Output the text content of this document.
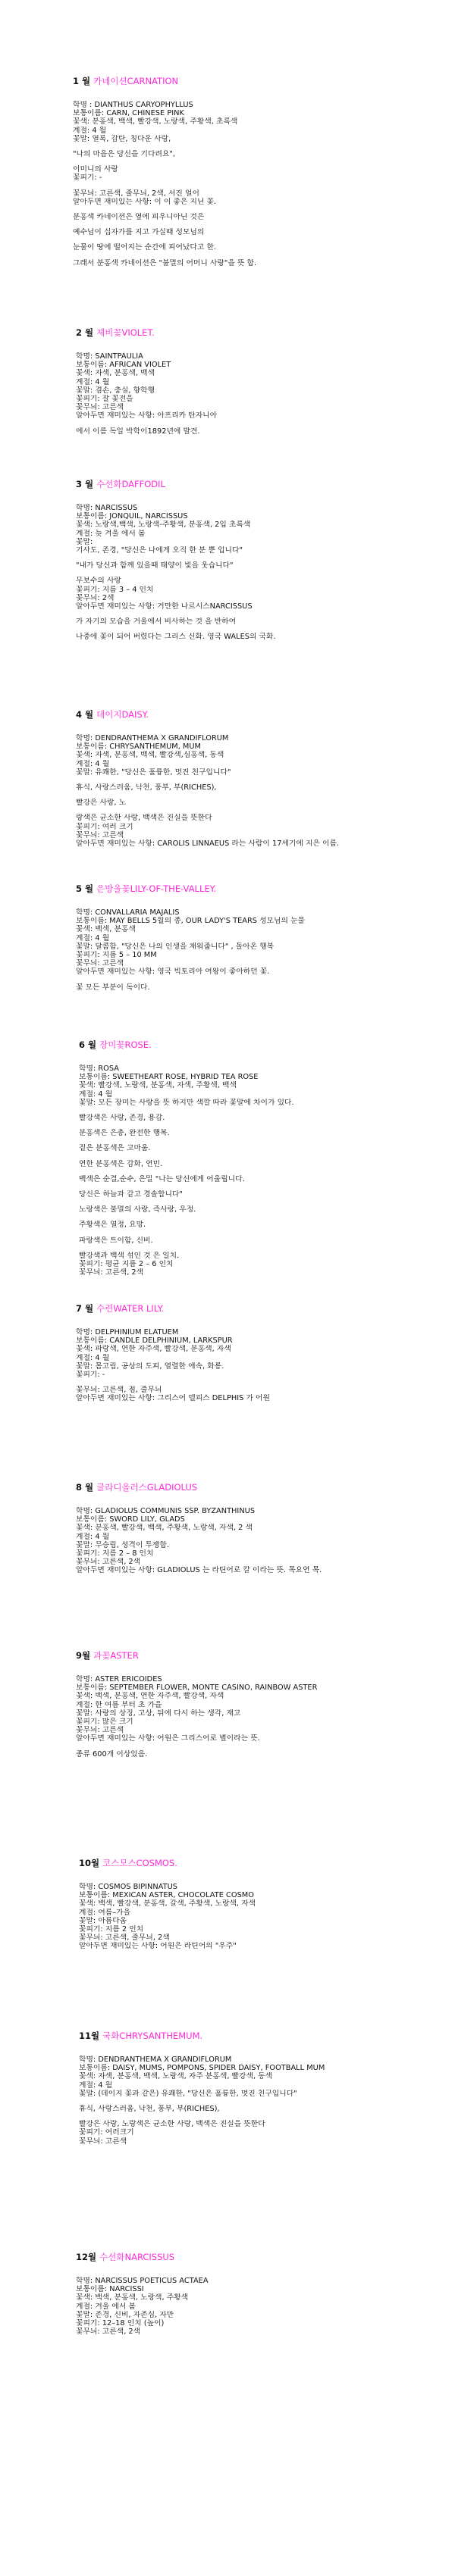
1 월 카네이션CARNATION
학명 : DIANTHUS CARYOPHYLLUS
보통이름: CARN, CHINESE PINK
꽃색: 분홍색, 백색, 빨강색, 노랑색, 주황색, 초록색
계절: 4 월
꽃말: 열록, 감탄, 칭다운 사랑,
"나의 마음은 당신을 기다려요",
이미니의 사랑
꽃피기: -
꽃무늬: 고른색, 줄무늬, 2색, 서진 얼이
알아두면 재미있는 사항: 이 이 좋은 지닌 꽃.
분홍색 카네이션은 옆에 피우니아닌 것은
예수님이 십자가를 지고 가실때 성모님의
눈물이 땅에 떨어지는 순간에 피어났다고 한.
그래서 분홍색 카네이션은 "불멸의 어머니 사랑"을 뜻 함.
2 월 제비꽃VIOLET.
학명: SAINTPAULIA
보통이름: AFRICAN VIOLET
꽃색: 자색, 분홍색, 백색
계절: 4 월
꽃말: 겸손, 충실, 향학행
꽃피기: 잘 꽃전을
꽃무늬: 고른색
알아두면 재미있는 사항: 아프리카 탄자니아
에서 이름 독일 박학이1892년에 발견.
3 월 수선화DAFFODIL
학명: NARCISSUS
보통이름: JONQUIL, NARCISSUS
꽃색: 노랑색,백색, 노랑색-주황색, 분홍색, 2입 초록색
계절: 늦 겨울 에서 봄
꽃말:
기사도, 존경, "당신은 나에게 오직 한 분 뿐 입니다"
"내가 당신과 함께 있을때 태양이 빛을 웃습니다"
무보수의 사랑
꽃피기: 지름 3 – 4 인치
꽃무늬: 2색
알아두면 재미있는 사항: 거만한 나르시스NARCISSUS
가 자기의 모습을 거울에서 비사하는 것 을 반하여
나중에 꽃이 되어 버렸다는 그리스 신화. 영국 WALES의 국화.
4 월 데이지DAISY.
학명: DENDRANTHEMA X GRANDIFLORUM
보통이름: CHRYSANTHEMUM, MUM
꽃색: 자색, 분홍색, 백색, 빨강색,심홍색, 동색
계절: 4 월
꽃말: 유쾌한, "당신은 훌륭한, 멋진 친구입니다"
휴식, 사랑스러움, 낙천, 풍부, 부(RICHES),
빨강은 사랑, 노
랑색은 균소한 사랑, 백색은 진실을 뜻한다
꽃피기: 여러 크기
꽃무늬: 고른색
알아두면 재미있는 사항: CAROLIS LINNAEUS 라는 사람이 17세기에 지은 이름.
5 월 은방울꽃LILY-OF-THE-VALLEY.
학명: CONVALLARIA MAJALIS
보통이름: MAY BELLS 5월의 종, OUR LADY'S TEARS 성모님의 눈물
꽃색: 백색, 분홍색
계절: 4 월
꽃말: 달콤함, "당신은 나의 인생을 채워줍니다" , 돌아온 행복
꽃피기: 지름 5 – 10 MM
꽃무늬: 고른색
알아두면 재미있는 사항: 영국 빅토리아 여왕이 좋아하던 꽃.
꽃 모든 부분이 독이다.
6 월 장미꽃ROSE.
학명: ROSA
보통이름: SWEETHEART ROSE, HYBRID TEA ROSE
꽃색: 빨강색, 노랑색, 분홍색, 자색, 주황색, 백색
계절: 4 월
꽃말: 모든 장미는 사랑을 뜻 하지만 색깔 따라 꽃말에 차이가 있다.
빨강색은 사랑, 존경, 용감.
분홍색은 은총, 완전한 행복.
짙은 분홍색은 고마움.
연한 분홍색은 감화, 연민.
백색은 순결,순수, 은밀 "나는 당신에게 어울립니다.
당신은 하늘과 같고 경솔합니다"
노랑색은 불멸의 사랑, 즉사랑, 우정.
주황색은 열정, 요망.
파랑색은 트이함, 신비.
빨강색과 백색 섞인 것 은 일치.
꽃피기: 평균 지름 2 – 6 인치
꽃무늬: 고른색, 2색
7 월 수련WATER LILY.
학명: DELPHINIUM ELATUEM
보통이름: CANDLE DELPHINIUM, LARKSPUR
꽃색: 파랑색, 연한 자주색, 빨강색, 분홍색, 자색
계절: 4 월
꽃말: 몸고림, 공상의 도피, 열렬한 애속, 화롱.
꽃피기: -
꽃무늬: 고른색, 점, 줄무늬
알아두면 재미있는 사항: 그리스어 델피스 DELPHIS 가 어원
8 월 글라디올러스GLADIOLUS
학명: GLADIOLUS COMMUNIS SSP. BYZANTHINUS
보통이름: SWORD LILY, GLADS
꽃색: 분홍색, 빨강색, 백색, 주황색, 노랑색, 자색, 2 색
계절: 4 월
꽃말: 무승림, 성격이 투쟁함.
꽃피기: 지름 2 – 8 인치
꽃무늬: 고른색, 2색
알아두면 재미있는 사항: GLADIOLUS 는 라틴어로 칼 이라는 뜻. 목요연 목.
9월 과꽃ASTER
학명: ASTER ERICOIDES
보통이름: SEPTEMBER FLOWER, MONTE CASINO, RAINBOW ASTER
꽃색: 백색, 분홍색, 연한 자주색, 빨강색, 자색
계절: 한 여름 부터 초 가을
꽃말: 사랑의 상징, 고상, 뒤에 다시 하는 생각, 재고
꽃피기: 많은 크기
꽃무늬: 고른색
알아두면 재미있는 사항: 어원은 그리스어로 별이라는 뜻.
종류 600개 이상있음.
10월 코스모스COSMOS.
학명: COSMOS BIPINNATUS
보통이름: MEXICAN ASTER, CHOCOLATE COSMO
꽃색: 백색, 빨강색, 분홍색, 갈색, 주황색, 노랑색, 자색
계절: 여름–가을
꽃말: 아름다움
꽃피기: 지름 2 인치
꽃무늬: 고른색, 줄무늬, 2색
알아두면 재미있는 사항: 어원은 라틴어의 "우주"
11월 국화CHRYSANTHEMUM.
학명: DENDRANTHEMA X GRANDIFLORUM
보통이름: DAISY, MUMS, POMPONS, SPIDER DAISY, FOOTBALL MUM
꽃색: 자색, 분홍색, 백색, 노랑색, 자주 분홍색, 빨강색, 동색
계절: 4 월
꽃말: (데이지 꽃과 같은) 유쾌한, "당신은 훌륭한, 멋진 친구입니다"
휴식, 사랑스러움, 낙천, 풍부, 부(RICHES),
빨강은 사랑, 노랑색은 균소한 사랑, 백색은 진실을 뜻한다
꽃피기: 여러크기
꽃무늬: 고른색
12월 수선화NARCISSUS
학명: NARCISSUS POETICUS ACTAEA
보통이름: NARCISSI
꽃색: 백색, 분홍색, 노랑색, 주황색
계절: 겨울 에서 봄
꽃말: 존경, 신비, 자존심, 자만
꽃피기: 12–18 인치 (높이)
꽃무늬: 고른색, 2색
